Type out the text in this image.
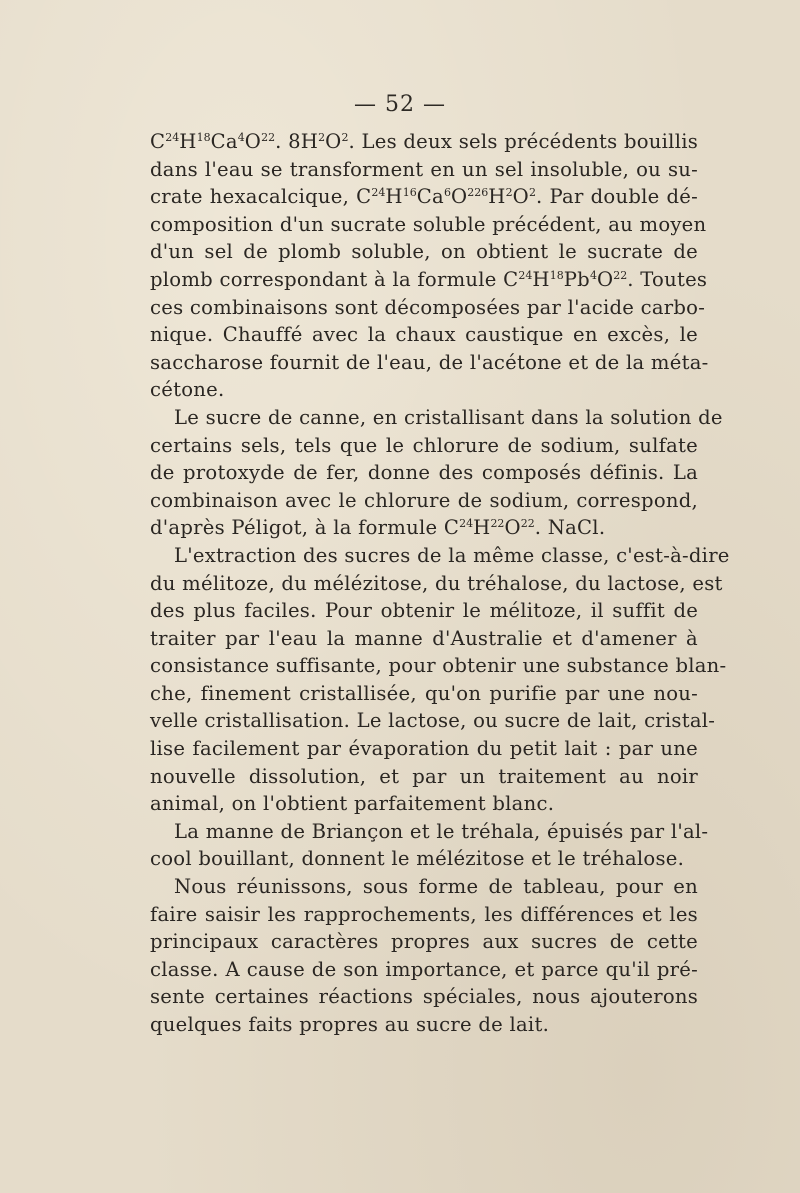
— 52 —
$C^{24}H^{18}Ca^4O^{22}$. $8H^2O^2$. Les deux sels précédents bouillis
dans l'eau se transforment en un sel insoluble, ou su-
crate hexacalcique, $C^{24}H^{16}Ca^6O^{226}H^2O^2$. Par double dé-
composition d'un sucrate soluble précédent, au moyen
d'un sel de plomb soluble, on obtient le sucrate de
plomb correspondant à la formule $C^{24}H^{18}Pb^4O^{22}$. Toutes
ces combinaisons sont décomposées par l'acide carbo-
nique. Chauffé avec la chaux caustique en excès, le
saccharose fournit de l'eau, de l'acétone et de la méta-
cétone.
Le sucre de canne, en cristallisant dans la solution de
certains sels, tels que le chlorure de sodium, sulfate
de protoxyde de fer, donne des composés définis. La
combinaison avec le chlorure de sodium, correspond,
d'après Péligot, à la formule $C^{24}H^{22}O^{22}$. NaCl.
L'extraction des sucres de la même classe, c'est-à-dire
du mélitoze, du mélézitose, du tréhalose, du lactose, est
des plus faciles. Pour obtenir le mélitoze, il suffit de
traiter par l'eau la manne d'Australie et d'amener à
consistance suffisante, pour obtenir une substance blan-
che, finement cristallisée, qu'on purifie par une nou-
velle cristallisation. Le lactose, ou sucre de lait, cristal-
lise facilement par évaporation du petit lait : par une
nouvelle dissolution, et par un traitement au noir
animal, on l'obtient parfaitement blanc.
La manne de Briançon et le tréhala, épuisés par l'al-
cool bouillant, donnent le mélézitose et le tréhalose.
Nous réunissons, sous forme de tableau, pour en
faire saisir les rapprochements, les différences et les
principaux caractères propres aux sucres de cette
classe. A cause de son importance, et parce qu'il pré-
sente certaines réactions spéciales, nous ajouterons
quelques faits propres au sucre de lait.
